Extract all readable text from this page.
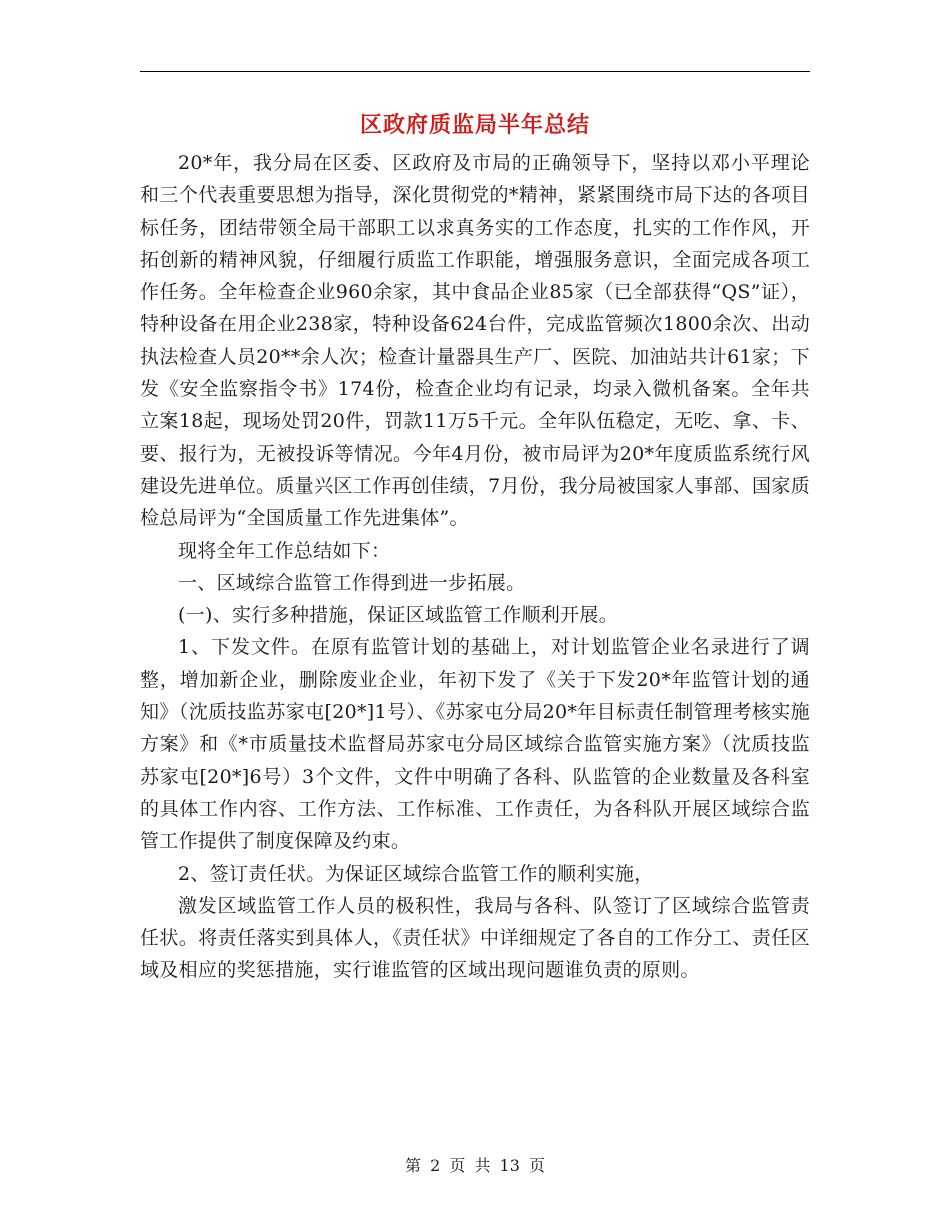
区政府质监局半年总结

20*年，我分局在区委、区政府及市局的正确领导下，坚持以邓小平理论和三个代表重要思想为指导，深化贯彻党的*精神，紧紧围绕市局下达的各项目标任务，团结带领全局干部职工以求真务实的工作态度，扎实的工作作风，开拓创新的精神风貌，仔细履行质监工作职能，增强服务意识，全面完成各项工作任务。全年检查企业960余家，其中食品企业85家（已全部获得“QS”证），特种设备在用企业238家，特种设备624台件，完成监管频次1800余次、出动执法检查人员20**余人次；检查计量器具生产厂、医院、加油站共计61家；下发《安全监察指令书》174份，检查企业均有记录，均录入微机备案。全年共立案18起，现场处罚20件，罚款11万5千元。全年队伍稳定，无吃、拿、卡、要、报行为，无被投诉等情况。今年4月份，被市局评为20*年度质监系统行风建设先进单位。质量兴区工作再创佳绩，7月份，我分局被国家人事部、国家质检总局评为“全国质量工作先进集体”。

现将全年工作总结如下：

一、区域综合监管工作得到进一步拓展。

(一)、实行多种措施，保证区域监管工作顺利开展。

1、下发文件。在原有监管计划的基础上，对计划监管企业名录进行了调整，增加新企业，删除废业企业，年初下发了《关于下发20*年监管计划的通知》（沈质技监苏家屯[20*]1号）、《苏家屯分局20*年目标责任制管理考核实施方案》和《*市质量技术监督局苏家屯分局区域综合监管实施方案》（沈质技监苏家屯[20*]6号）3个文件，文件中明确了各科、队监管的企业数量及各科室的具体工作内容、工作方法、工作标准、工作责任，为各科队开展区域综合监管工作提供了制度保障及约束。

2、签订责任状。为保证区域综合监管工作的顺利实施，

激发区域监管工作人员的极积性，我局与各科、队签订了区域综合监管责任状。将责任落实到具体人，《责任状》中详细规定了各自的工作分工、责任区域及相应的奖惩措施，实行谁监管的区域出现问题谁负责的原则。

第 2 页 共 13 页
